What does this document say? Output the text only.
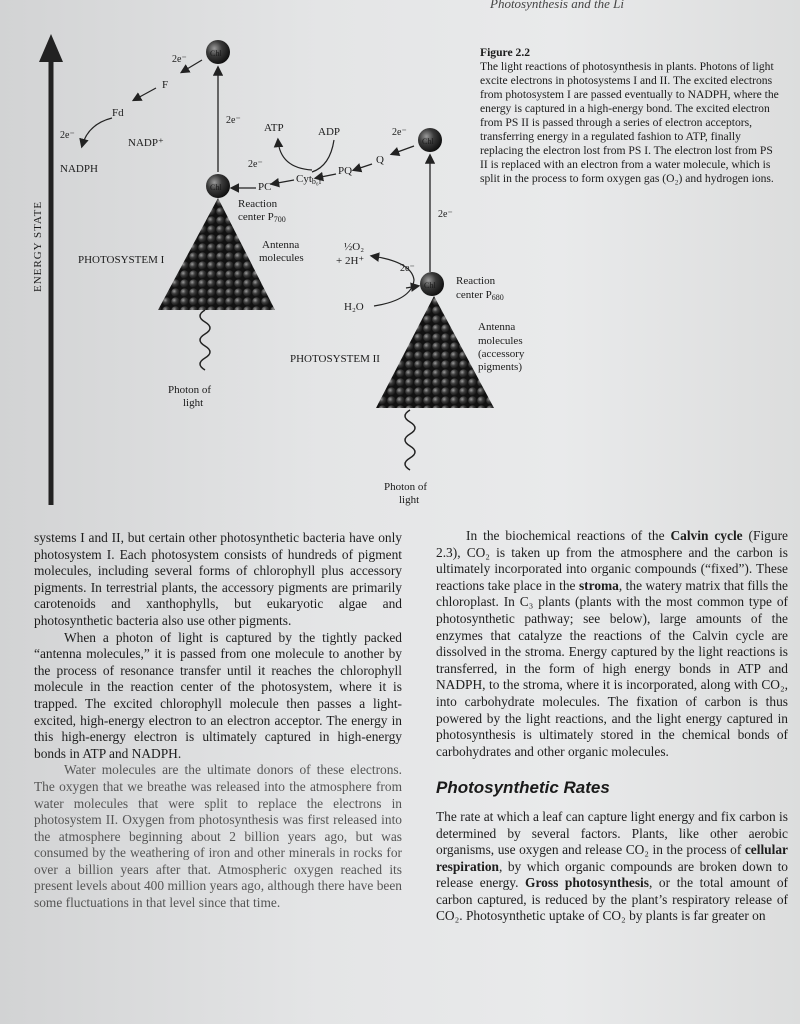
Photosynthesis and the Li
ENERGY STATE
Chl
PHOTOSYSTEM I
Reaction
center P700
Antenna
molecules
Photon of
light
2e⁻
Chl
2e⁻
F
Fd
2e⁻
NADP⁺
NADPH
Chl
2e⁻
Q
PQ
ADP
Cytb₆f
ATP
2e⁻
PC
2e⁻
Chl Reaction
center P680
Antenna
molecules
(accessory
pigments)
PHOTOSYSTEM II
Photon of
light
½O₂
+ 2H⁺
2e⁻
H₂O
Figure 2.2
The light reactions of photosynthesis in plants. Photons of light excite electrons in photosystems I and II. The excited electrons from photosystem I are passed eventually to NADPH, where the energy is captured in a high-energy bond. The excited electron from PS II is passed through a series of electron acceptors, transferring energy in a regulated fashion to ATP, finally replacing the electron lost from PS I. The electron lost from PS II is replaced with an electron from a water molecule, which is split in the process to form oxygen gas (O₂) and hydrogen ions.

systems I and II, but certain other photosynthetic bacteria have only photosystem I. Each photosystem consists of hundreds of pigment molecules, including several forms of chlorophyll plus accessory pigments. In terrestrial plants, the accessory pigments are primarily carotenoids and xanthophylls, but eukaryotic algae and photosynthetic bacteria also use other pigments.

When a photon of light is captured by the tightly packed “antenna molecules,” it is passed from one molecule to another by the process of resonance transfer until it reaches the chlorophyll molecule in the reaction center of the photosystem, where it is trapped. The excited chlorophyll molecule then passes a light-excited, high-energy electron to an electron acceptor. The energy in this high-energy electron is ultimately captured in high-energy bonds in ATP and NADPH.

Water molecules are the ultimate donors of these electrons. The oxygen that we breathe was released into the atmosphere from water molecules that were split to replace the electrons in photosystem II. Oxygen from photosynthesis was first released into the atmosphere beginning about 2 billion years ago, but was consumed by the weathering of iron and other minerals in rocks for over a billion years after that. Atmospheric oxygen reached its present levels about 400 million years ago, although there have been some fluctuations in that level since that time.

In the biochemical reactions of the Calvin cycle (Figure 2.3), CO₂ is taken up from the atmosphere and the carbon is ultimately incorporated into organic compounds (“fixed”). These reactions take place in the stroma, the watery matrix that fills the chloroplast. In C₃ plants (plants with the most common type of photosynthetic pathway; see below), large amounts of the enzymes that catalyze the reactions of the Calvin cycle are dissolved in the stroma. Energy captured by the light reactions is transferred, in the form of high energy bonds in ATP and NADPH, to the stroma, where it is incorporated, along with CO₂, into carbohydrate molecules. The fixation of carbon is thus powered by the light reactions, and the light energy captured in photosynthesis is ultimately stored in the chemical bonds of carbohydrates and other organic molecules.

Photosynthetic Rates

The rate at which a leaf can capture light energy and fix carbon is determined by several factors. Plants, like other aerobic organisms, use oxygen and release CO₂ in the process of cellular respiration, by which organic compounds are broken down to release energy. Gross photosynthesis, or the total amount of carbon captured, is reduced by the plant’s respiratory release of CO₂. Photosynthetic uptake of CO₂ by plants is far greater on
